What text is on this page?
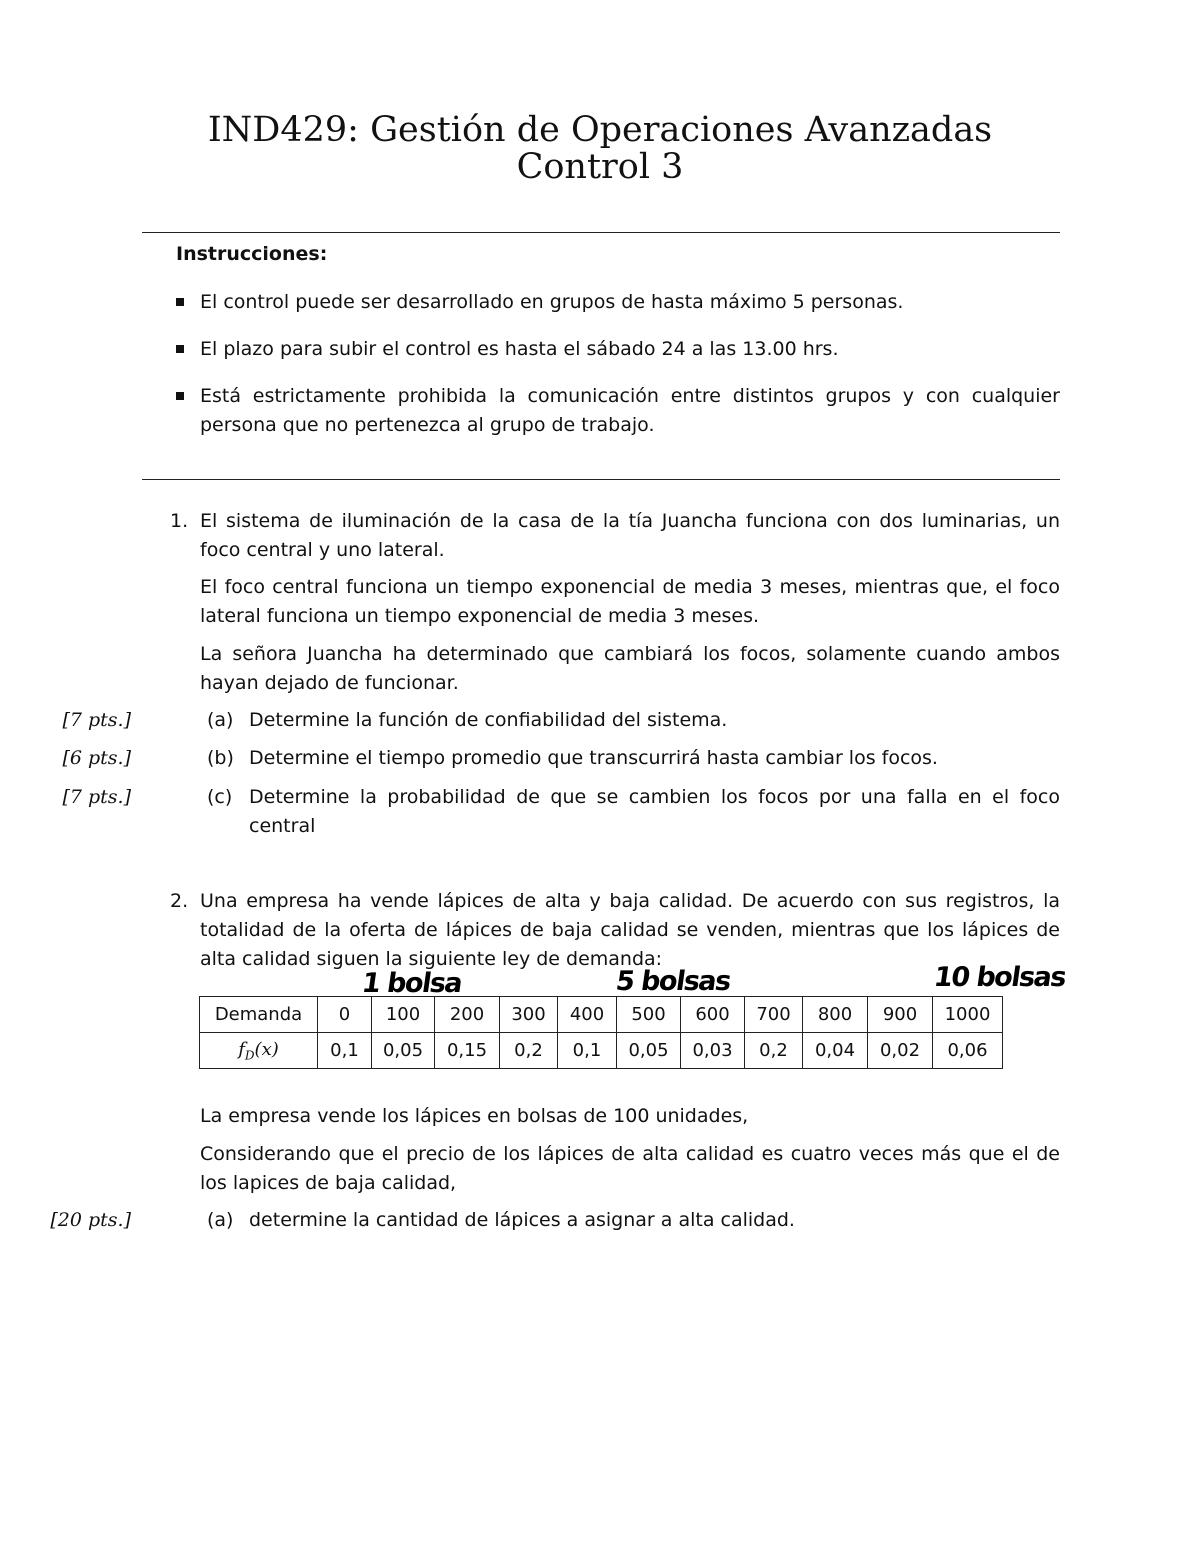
IND429: Gestión de Operaciones Avanzadas
Control 3
Instrucciones:
El control puede ser desarrollado en grupos de hasta máximo 5 personas.
El plazo para subir el control es hasta el sábado 24 a las 13.00 hrs.
Está estrictamente prohibida la comunicación entre distintos grupos y con cualquier persona que no pertenezca al grupo de trabajo.
1. El sistema de iluminación de la casa de la tía Juancha funciona con dos luminarias, un foco central y uno lateral.
El foco central funciona un tiempo exponencial de media 3 meses, mientras que, el foco lateral funciona un tiempo exponencial de media 3 meses.
La señora Juancha ha determinado que cambiará los focos, solamente cuando ambos hayan dejado de funcionar.
[7 pts.]	(a) Determine la función de confiabilidad del sistema.
[6 pts.]	(b) Determine el tiempo promedio que transcurrirá hasta cambiar los focos.
[7 pts.]	(c) Determine la probabilidad de que se cambien los focos por una falla en el foco central
2. Una empresa ha vende lápices de alta y baja calidad. De acuerdo con sus registros, la totalidad de la oferta de lápices de baja calidad se venden, mientras que los lápices de alta calidad siguen la siguiente ley de demanda:
1 bolsa	5 bolsas	10 bolsas
Demanda	0	100	200	300	400	500	600	700	800	900	1000
$f_D(x)$	0,1	0,05	0,15	0,2	0,1	0,05	0,03	0,2	0,04	0,02	0,06
La empresa vende los lápices en bolsas de 100 unidades,
Considerando que el precio de los lápices de alta calidad es cuatro veces más que el de los lapices de baja calidad,
[20 pts.]	(a) determine la cantidad de lápices a asignar a alta calidad.
